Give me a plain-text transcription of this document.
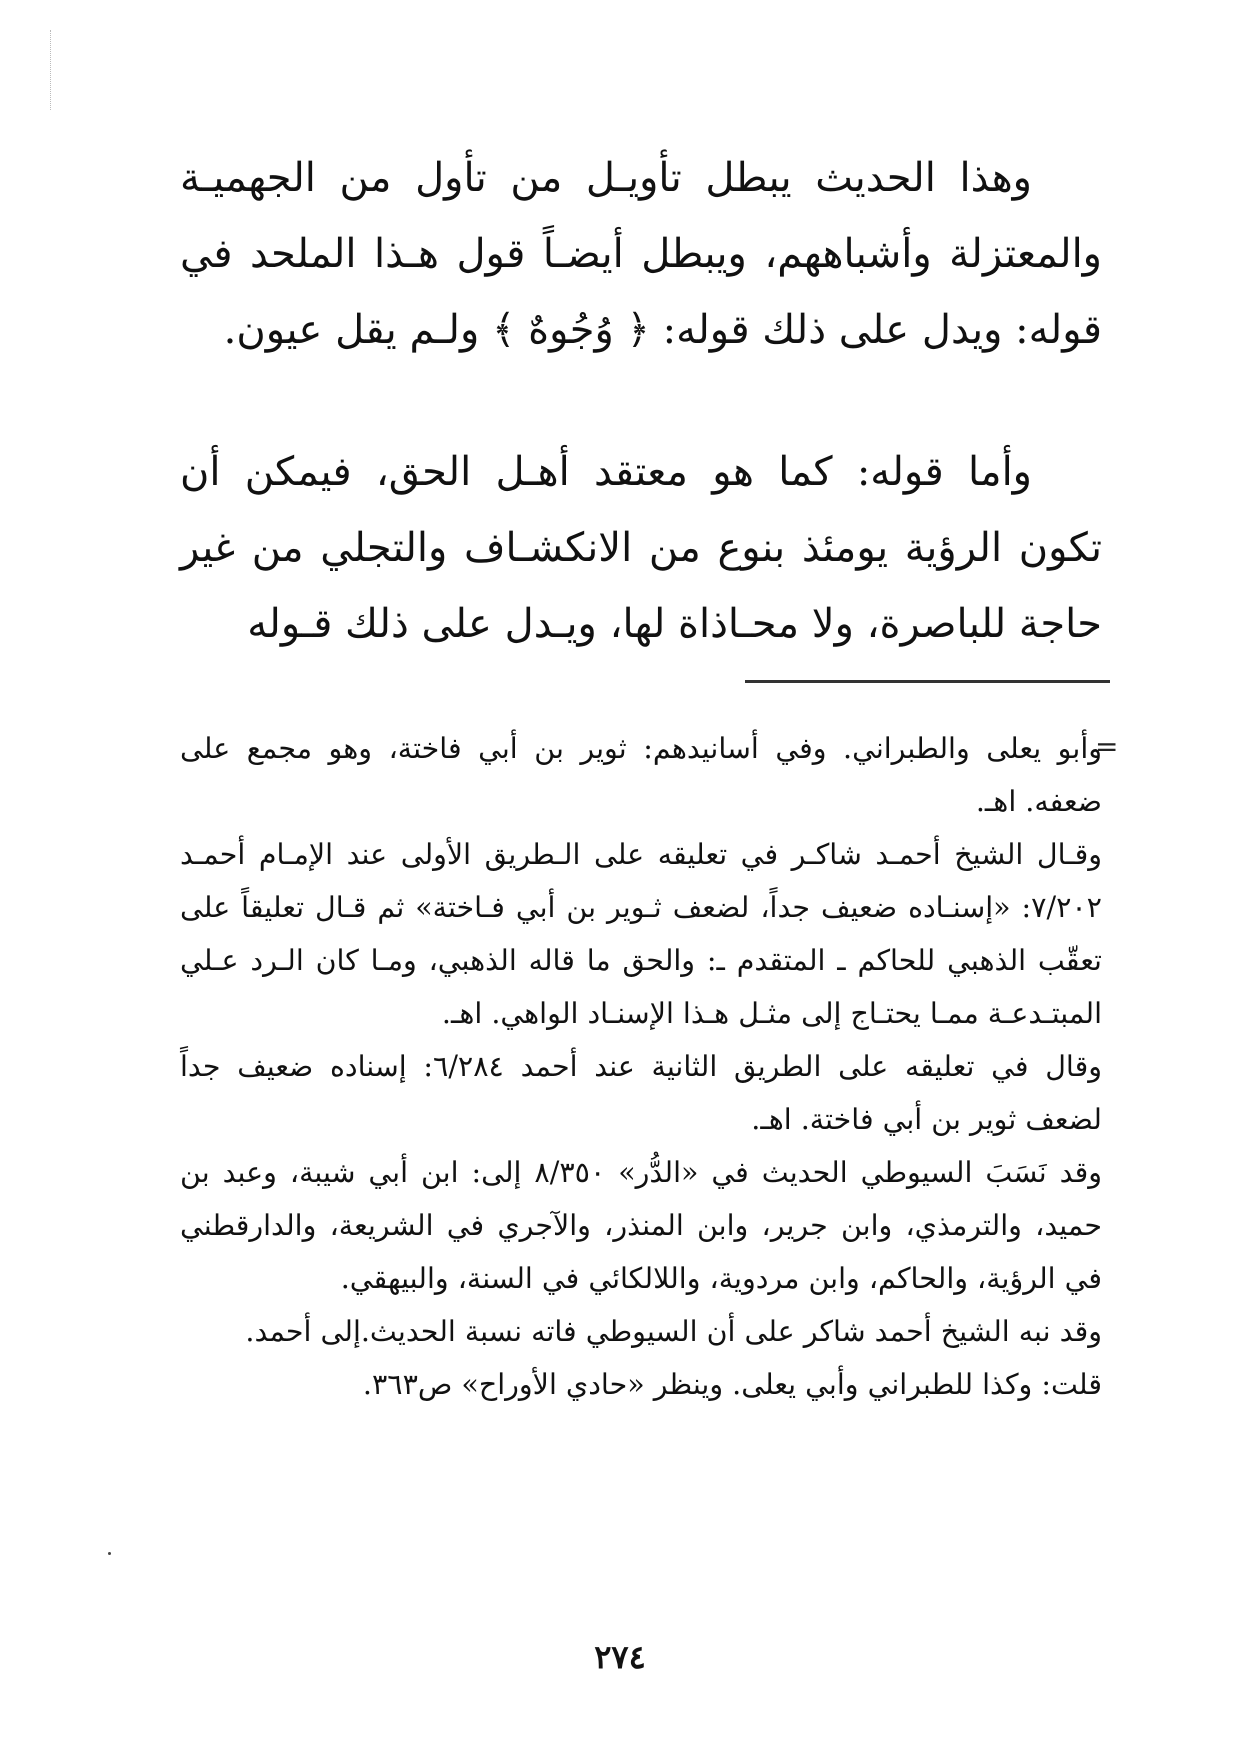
وهذا الحديث يبطل تأويـل من تأول من الجهميـة والمعتزلة وأشباههم، ويبطل أيضـاً قول هـذا الملحد في قوله: ويدل على ذلك قوله: ﴿ وُجُوهٌ ﴾ ولـم يقل عيون.

وأما قوله: كما هو معتقد أهـل الحق، فيمكن أن تكون الرؤية يومئذ بنوع من الانكشـاف والتجلي من غير حاجة للباصرة، ولا محـاذاة لها، ويـدل على ذلك قـوله

=

وأبو يعلى والطبراني. وفي أسانيدهم: ثوير بن أبي فاختة، وهو مجمع على ضعفه. اهـ.

وقـال الشيخ أحمـد شاكـر في تعليقه على الـطريق الأولى عند الإمـام أحمـد ٧/٢٠٢: «إسنـاده ضعيف جداً، لضعف ثـوير بن أبي فـاختة» ثم قـال تعليقاً على تعقّب الذهبي للحاكم ـ المتقدم ـ: والحق ما قاله الذهبي، ومـا كان الـرد عـلي المبتـدعـة ممـا يحتـاج إلى مثـل هـذا الإسنـاد الواهي. اهـ.

وقال في تعليقه على الطريق الثانية عند أحمد ٦/٢٨٤: إسناده ضعيف جداً لضعف ثوير بن أبي فاختة. اهـ.

وقد نَسَبَ السيوطي الحديث في «الدُّر» ٨/٣٥٠ إلى: ابن أبي شيبة، وعبد بن حميد، والترمذي، وابن جرير، وابن المنذر، والآجري في الشريعة، والدارقطني في الرؤية، والحاكم، وابن مردوية، واللالكائي في السنة، والبيهقي.

وقد نبه الشيخ أحمد شاكر على أن السيوطي فاته نسبة الحديث.إلى أحمد.

قلت: وكذا للطبراني وأبي يعلى. وينظر «حادي الأوراح» ص٣٦٣.

٢٧٤
